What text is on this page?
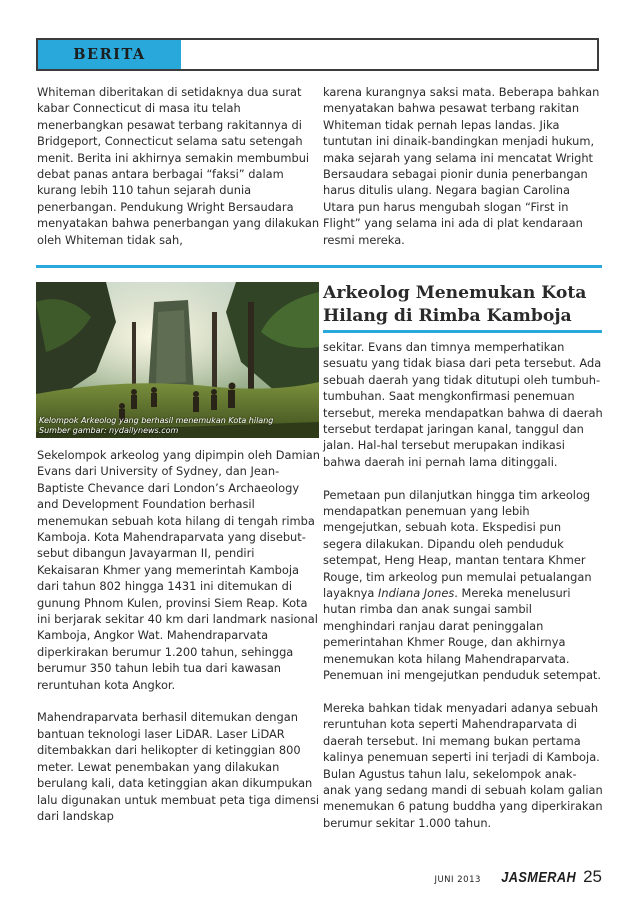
BERITA

Whiteman diberitakan di setidaknya dua surat kabar Connecticut di masa itu telah menerbangkan pesawat terbang rakitannya di Bridgeport, Connecticut selama satu setengah menit. Berita ini akhirnya semakin membumbui debat panas antara berbagai “faksi” dalam kurang lebih 110 tahun sejarah dunia penerbangan. Pendukung Wright Bersaudara menyatakan bahwa penerbangan yang dilakukan oleh Whiteman tidak sah,

karena kurangnya saksi mata. Beberapa bahkan menyatakan bahwa pesawat terbang rakitan Whiteman tidak pernah lepas landas. Jika tuntutan ini dinaik-bandingkan menjadi hukum, maka sejarah yang selama ini mencatat Wright Bersaudara sebagai pionir dunia penerbangan harus ditulis ulang. Negara bagian Carolina Utara pun harus mengubah slogan “First in Flight” yang selama ini ada di plat kendaraan resmi mereka.

Kelompok Arkeolog yang berhasil menemukan Kota hilang
Sumber gambar: nydailynews.com
Arkeolog Menemukan Kota Hilang di Rimba Kamboja

Sekelompok arkeolog yang dipimpin oleh Damian Evans dari University of Sydney, dan Jean-Baptiste Chevance dari London’s Archaeology and Development Foundation berhasil menemukan sebuah kota hilang di tengah rimba Kamboja. Kota Mahendraparvata yang disebut-sebut dibangun Javayarman II, pendiri Kekaisaran Khmer yang memerintah Kamboja dari tahun 802 hingga 1431 ini ditemukan di gunung Phnom Kulen, provinsi Siem Reap. Kota ini berjarak sekitar 40 km dari landmark nasional Kamboja, Angkor Wat. Mahendraparvata diperkirakan berumur 1.200 tahun, sehingga berumur 350 tahun lebih tua dari kawasan reruntuhan kota Angkor.

Mahendraparvata berhasil ditemukan dengan bantuan teknologi laser LiDAR. Laser LiDAR ditembakkan dari helikopter di ketinggian 800 meter. Lewat penembakan yang dilakukan berulang kali, data ketinggian akan dikumpukan lalu digunakan untuk membuat peta tiga dimensi dari landskap

sekitar. Evans dan timnya memperhatikan sesuatu yang tidak biasa dari peta tersebut. Ada sebuah daerah yang tidak ditutupi oleh tumbuh-tumbuhan. Saat mengkonfirmasi penemuan tersebut, mereka mendapatkan bahwa di daerah tersebut terdapat jaringan kanal, tanggul dan jalan. Hal-hal tersebut merupakan indikasi bahwa daerah ini pernah lama ditinggali.

Pemetaan pun dilanjutkan hingga tim arkeolog mendapatkan penemuan yang lebih mengejutkan, sebuah kota. Ekspedisi pun segera dilakukan. Dipandu oleh penduduk setempat, Heng Heap, mantan tentara Khmer Rouge, tim arkeolog pun memulai petualangan layaknya Indiana Jones. Mereka menelusuri hutan rimba dan anak sungai sambil menghindari ranjau darat peninggalan pemerintahan Khmer Rouge, dan akhirnya menemukan kota hilang Mahendraparvata. Penemuan ini mengejutkan penduduk setempat.

Mereka bahkan tidak menyadari adanya sebuah reruntuhan kota seperti Mahendraparvata di daerah tersebut. Ini memang bukan pertama kalinya penemuan seperti ini terjadi di Kamboja. Bulan Agustus tahun lalu, sekelompok anak-anak yang sedang mandi di sebuah kolam galian menemukan 6 patung buddha yang diperkirakan berumur sekitar 1.000 tahun.

JUNI 2013 JASMERAH 25
